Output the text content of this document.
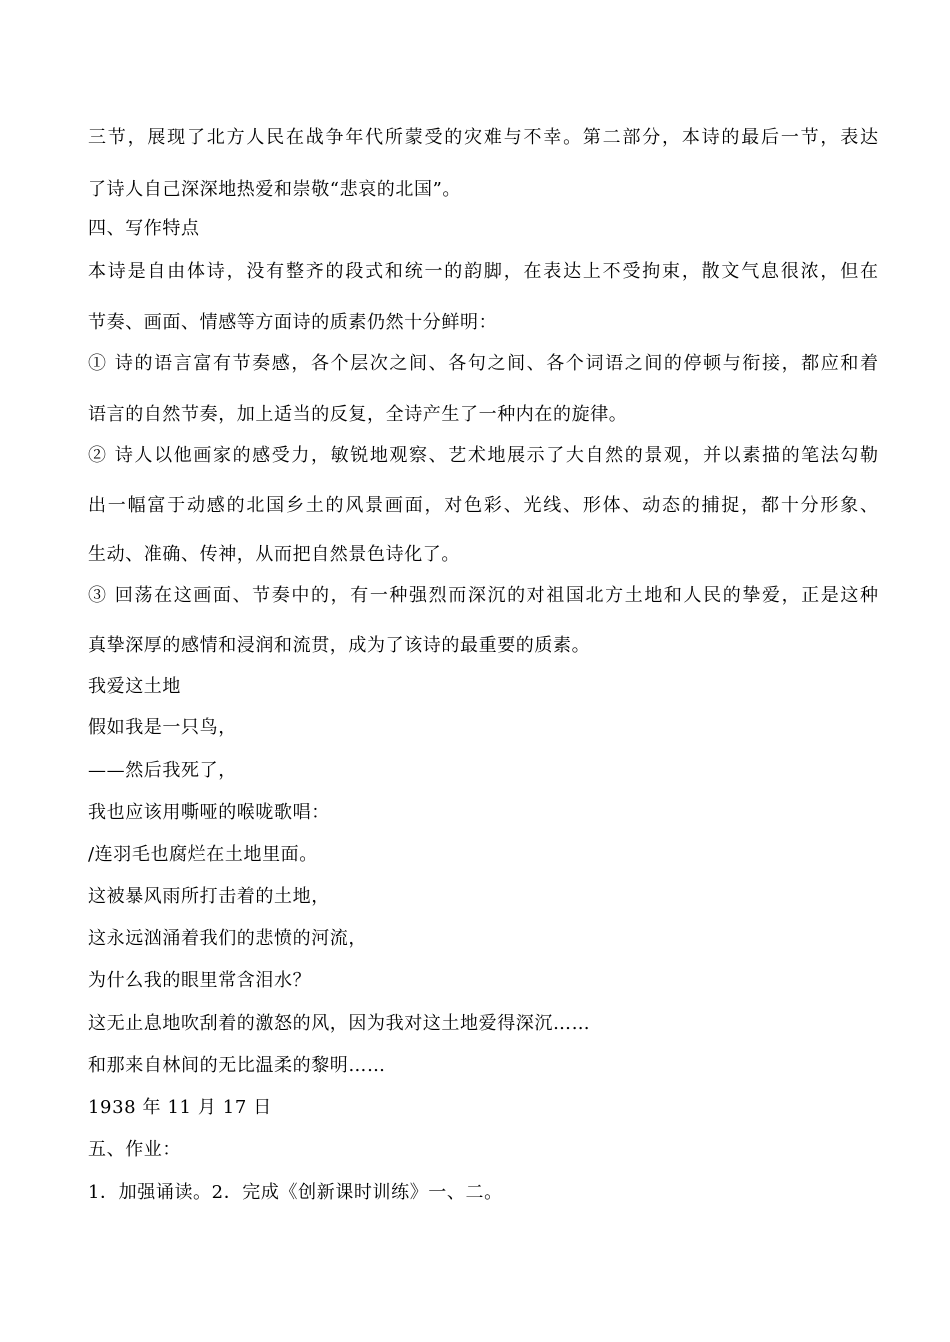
三节，展现了北方人民在战争年代所蒙受的灾难与不幸。第二部分，本诗的最后一节，表达
了诗人自己深深地热爱和崇敬“悲哀的北国”。
四、写作特点
本诗是自由体诗，没有整齐的段式和统一的韵脚，在表达上不受拘束，散文气息很浓，但在
节奏、画面、情感等方面诗的质素仍然十分鲜明：
① 诗的语言富有节奏感，各个层次之间、各句之间、各个词语之间的停顿与衔接，都应和着
语言的自然节奏，加上适当的反复，全诗产生了一种内在的旋律。
② 诗人以他画家的感受力，敏锐地观察、艺术地展示了大自然的景观，并以素描的笔法勾勒
出一幅富于动感的北国乡土的风景画面，对色彩、光线、形体、动态的捕捉，都十分形象、
生动、准确、传神，从而把自然景色诗化了。
③ 回荡在这画面、节奏中的，有一种强烈而深沉的对祖国北方土地和人民的挚爱，正是这种
真挚深厚的感情和浸润和流贯，成为了该诗的最重要的质素。
我爱这土地
假如我是一只鸟，
——然后我死了，
我也应该用嘶哑的喉咙歌唱：
/连羽毛也腐烂在土地里面。
这被暴风雨所打击着的土地，
这永远汹涌着我们的悲愤的河流，
为什么我的眼里常含泪水？
这无止息地吹刮着的激怒的风，因为我对这土地爱得深沉……
和那来自林间的无比温柔的黎明……
1938 年 11 月 17 日
五、作业：
1．加强诵读。2．完成《创新课时训练》一、二。
